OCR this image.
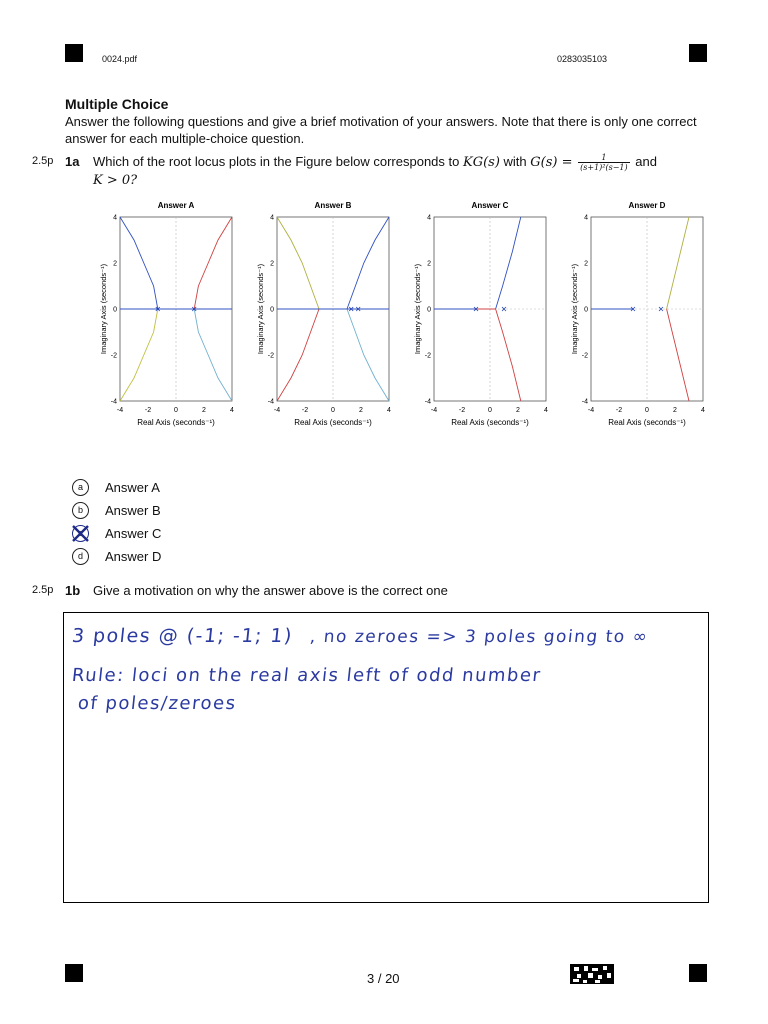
0024.pdf	0283035103
Multiple Choice
Answer the following questions and give a brief motivation of your answers. Note that there is only one correct answer for each multiple-choice question.
2.5p 1a Which of the root locus plots in the Figure below corresponds to KG(s) with $G(s) = \frac{1}{\text{(s+1)²(s−1)}}$ and
K > 0?
Answer A
-4	-2	0	2	4
4
2
0
-2
-4
Real Axis (seconds⁻¹)
Imaginary Axis (seconds⁻¹)
Answer B
-4	-2	0	2	4
4
2
0
-2
-4
Real Axis (seconds⁻¹)
Imaginary Axis (seconds⁻¹)
Answer C
-4	-2	0	2	4
4
2
0
-2
-4
Real Axis (seconds⁻¹)
Imaginary Axis (seconds⁻¹)
Answer D
-4	-2	0	2	4
4
2
0
-2
-4
Real Axis (seconds⁻¹)
Imaginary Axis (seconds⁻¹)
a Answer A
b Answer B
Answer C
d Answer D
2.5p 1b Give a motivation on why the answer above is the correct one
3 poles @ (-1; -1; 1) , no zeroes => 3 poles going to ∞
Rule: loci on the real axis left of odd number
of poles/zeroes
3 / 20
